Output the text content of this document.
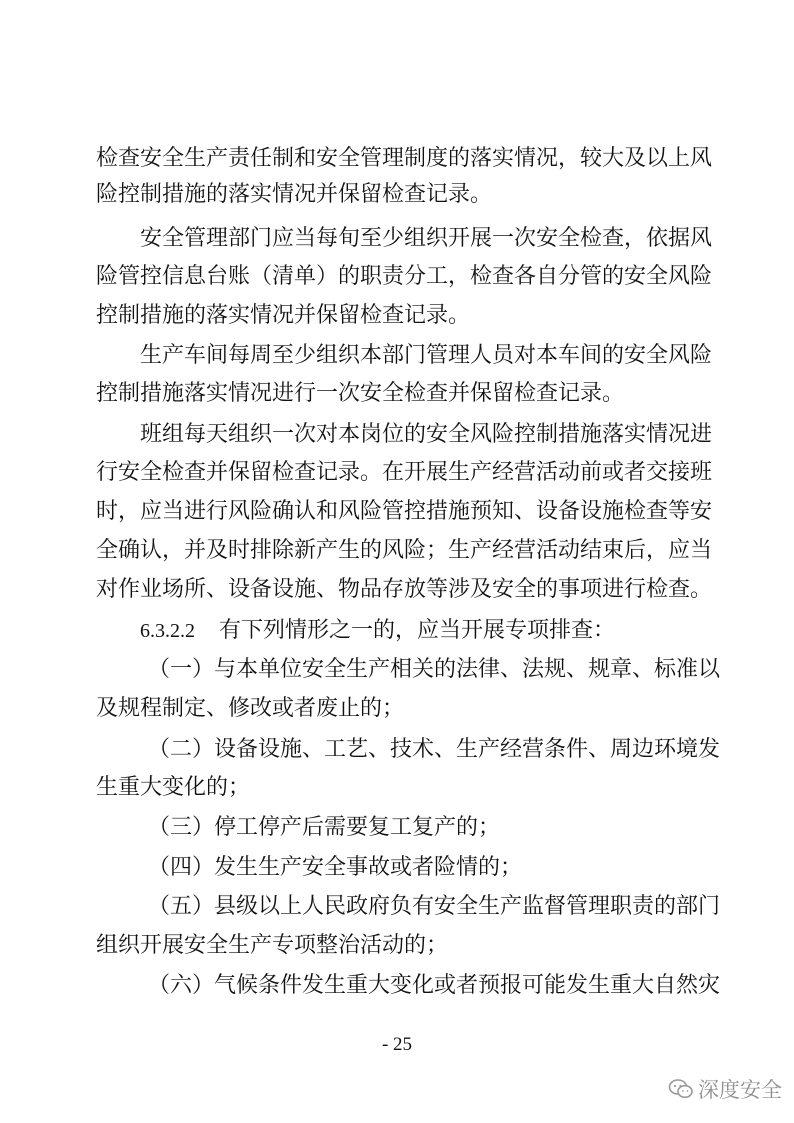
检查安全生产责任制和安全管理制度的落实情况，较大及以上风
险控制措施的落实情况并保留检查记录。
安全管理部门应当每旬至少组织开展一次安全检查，依据风
险管控信息台账（清单）的职责分工，检查各自分管的安全风险
控制措施的落实情况并保留检查记录。
生产车间每周至少组织本部门管理人员对本车间的安全风险
控制措施落实情况进行一次安全检查并保留检查记录。
班组每天组织一次对本岗位的安全风险控制措施落实情况进
行安全检查并保留检查记录。在开展生产经营活动前或者交接班
时，应当进行风险确认和风险管控措施预知、设备设施检查等安
全确认，并及时排除新产生的风险；生产经营活动结束后，应当
对作业场所、设备设施、物品存放等涉及安全的事项进行检查。
6.3.2.2 有下列情形之一的，应当开展专项排查：
（一）与本单位安全生产相关的法律、法规、规章、标准以
及规程制定、修改或者废止的；
（二）设备设施、工艺、技术、生产经营条件、周边环境发
生重大变化的；
（三）停工停产后需要复工复产的；
（四）发生生产安全事故或者险情的；
（五）县级以上人民政府负有安全生产监督管理职责的部门
组织开展安全生产专项整治活动的；
（六）气候条件发生重大变化或者预报可能发生重大自然灾
- 25
深度安全
